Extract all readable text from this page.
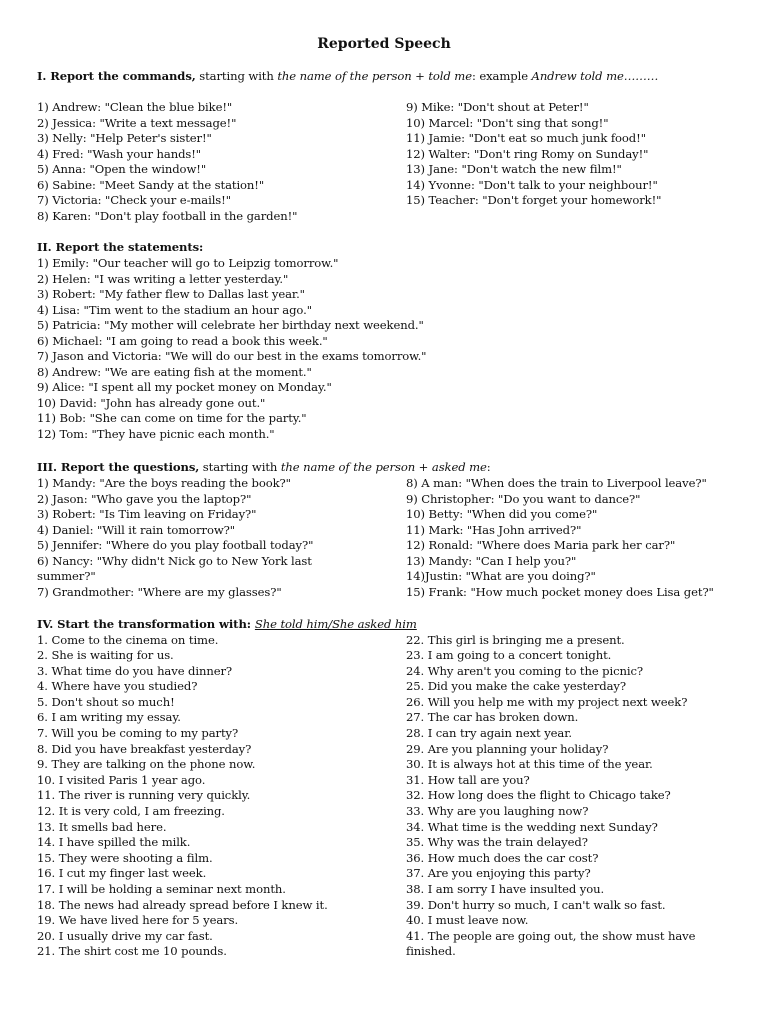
Reported Speech
I. Report the commands, starting with the name of the person + told me: example Andrew told me………
1) Andrew: "Clean the blue bike!"
2) Jessica: "Write a text message!"
3) Nelly: "Help Peter's sister!"
4) Fred: "Wash your hands!"
5) Anna: "Open the window!"
6) Sabine: "Meet Sandy at the station!"
7) Victoria: "Check your e-mails!"
8) Karen: "Don't play football in the garden!"
9) Mike: "Don't shout at Peter!"
10) Marcel: "Don't sing that song!"
11) Jamie: "Don't eat so much junk food!"
12) Walter: "Don't ring Romy on Sunday!"
13) Jane: "Don't watch the new film!"
14) Yvonne: "Don't talk to your neighbour!"
15) Teacher: "Don't forget your homework!"
II. Report the statements:
1) Emily: "Our teacher will go to Leipzig tomorrow."
2) Helen: "I was writing a letter yesterday."
3) Robert: "My father flew to Dallas last year."
4) Lisa: "Tim went to the stadium an hour ago."
5) Patricia: "My mother will celebrate her birthday next weekend."
6) Michael: "I am going to read a book this week."
7) Jason and Victoria: "We will do our best in the exams tomorrow."
8) Andrew: "We are eating fish at the moment."
9) Alice: "I spent all my pocket money on Monday."
10) David: "John has already gone out."
11) Bob: "She can come on time for the party."
12) Tom: "They have picnic each month."
III. Report the questions, starting with the name of the person + asked me:
1) Mandy: "Are the boys reading the book?"
2) Jason: "Who gave you the laptop?"
3) Robert: "Is Tim leaving on Friday?"
4) Daniel: "Will it rain tomorrow?"
5) Jennifer: "Where do you play football today?"
6) Nancy: "Why didn't Nick go to New York last
summer?"
7) Grandmother: "Where are my glasses?"
8) A man: "When does the train to Liverpool leave?"
9) Christopher: "Do you want to dance?"
10) Betty: "When did you come?"
11) Mark: "Has John arrived?"
12) Ronald: "Where does Maria park her car?"
13) Mandy: "Can I help you?"
14)Justin: "What are you doing?"
15) Frank: "How much pocket money does Lisa get?"
IV. Start the transformation with: She told him/She asked him
1. Come to the cinema on time.
2. She is waiting for us.
3. What time do you have dinner?
4. Where have you studied?
5. Don't shout so much!
6. I am writing my essay.
7. Will you be coming to my party?
8. Did you have breakfast yesterday?
9. They are talking on the phone now.
10. I visited Paris 1 year ago.
11. The river is running very quickly.
12. It is very cold, I am freezing.
13. It smells bad here.
14. I have spilled the milk.
15. They were shooting a film.
16. I cut my finger last week.
17. I will be holding a seminar next month.
18. The news had already spread before I knew it.
19. We have lived here for 5 years.
20. I usually drive my car fast.
21. The shirt cost me 10 pounds.
22. This girl is bringing me a present.
23. I am going to a concert tonight.
24. Why aren't you coming to the picnic?
25. Did you make the cake yesterday?
26. Will you help me with my project next week?
27. The car has broken down.
28. I can try again next year.
29. Are you planning your holiday?
30. It is always hot at this time of the year.
31. How tall are you?
32. How long does the flight to Chicago take?
33. Why are you laughing now?
34. What time is the wedding next Sunday?
35. Why was the train delayed?
36. How much does the car cost?
37. Are you enjoying this party?
38. I am sorry I have insulted you.
39. Don't hurry so much, I can't walk so fast.
40. I must leave now.
41. The people are going out, the show must have
finished.
